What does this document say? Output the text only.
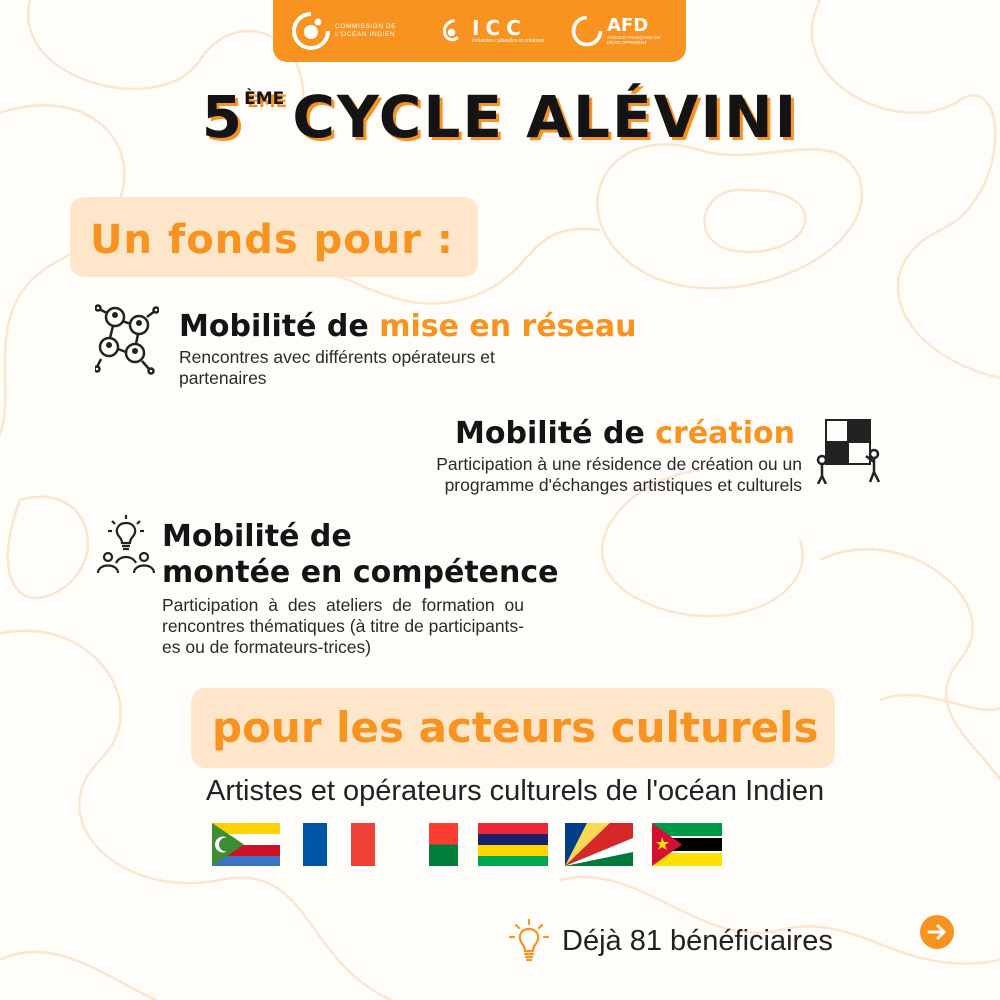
COMMISSION DE L'OCÉAN INDIEN	ICC
Industries culturelles et créatives
AFD
AGENCE FRANÇAISE DE DÉVELOPPEMENT
5ÈME CYCLE ALÉVINI
Un fonds pour :
Mobilité de mise en réseau
Rencontres avec différents opérateurs et partenaires
Mobilité de création
Participation à une résidence de création ou un programme d'échanges artistiques et culturels
Mobilité de
montée en compétence
Participation à des ateliers de formation ou rencontres thématiques (à titre de participants-es ou de formateurs-trices)
pour les acteurs culturels
Artistes et opérateurs culturels de l'océan Indien
Déjà 81 bénéficiaires
